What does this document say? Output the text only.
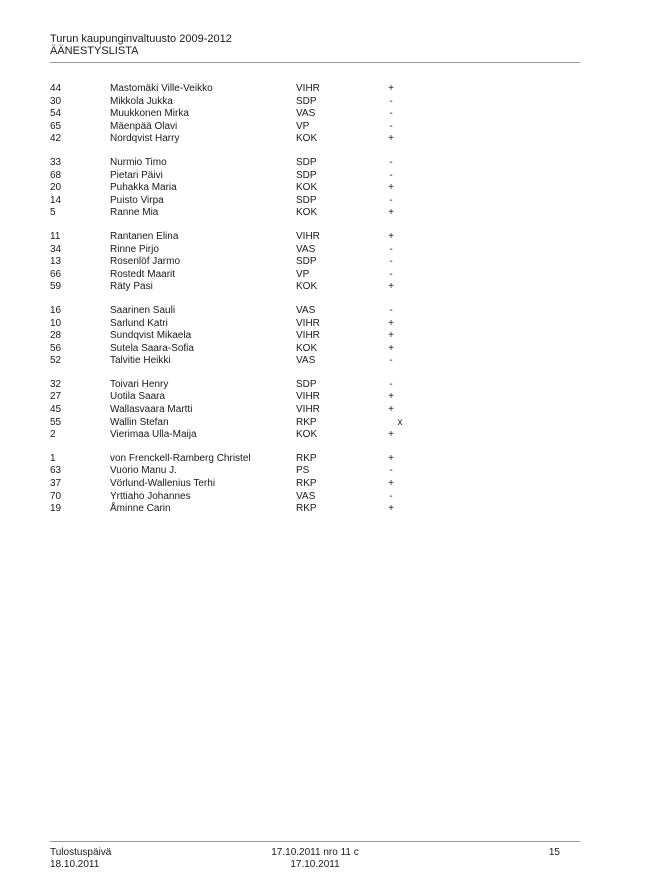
Turun kaupunginvaltuusto 2009-2012
ÄÄNESTYSLISTA
44	Mastomäki Ville-Veikko	VIHR	+
30	Mikkola Jukka	SDP	-
54	Muukkonen Mirka	VAS	-
65	Mäenpää Olavi	VP	-
42	Nordqvist Harry	KOK	+
33	Nurmio Timo	SDP	-
68	Pietari Päivi	SDP	-
20	Puhakka Maria	KOK	+
14	Puisto Virpa	SDP	-
5	Ranne Mia	KOK	+
11	Rantanen Elina	VIHR	+
34	Rinne Pirjo	VAS	-
13	Rosenlöf Jarmo	SDP	-
66	Rostedt Maarit	VP	-
59	Räty Pasi	KOK	+
16	Saarinen Sauli	VAS	-
10	Sarlund Katri	VIHR	+
28	Sundqvist Mikaela	VIHR	+
56	Sutela Saara-Sofia	KOK	+
52	Talvitie Heikki	VAS	-
32	Toivari Henry	SDP	-
27	Uotila Saara	VIHR	+
45	Wallasvaara Martti	VIHR	+
55	Wallin Stefan	RKP	x
2	Vierimaa Ulla-Maija	KOK	+
1	von Frenckell-Ramberg Christel	RKP	+
63	Vuorio Manu J.	PS	-
37	Vörlund-Wallenius Terhi	RKP	+
70	Yrttiaho Johannes	VAS	-
19	Åminne Carin	RKP	+
Tulostuspäivä
18.10.2011
17.10.2011 nro 11 c
17.10.2011
15
